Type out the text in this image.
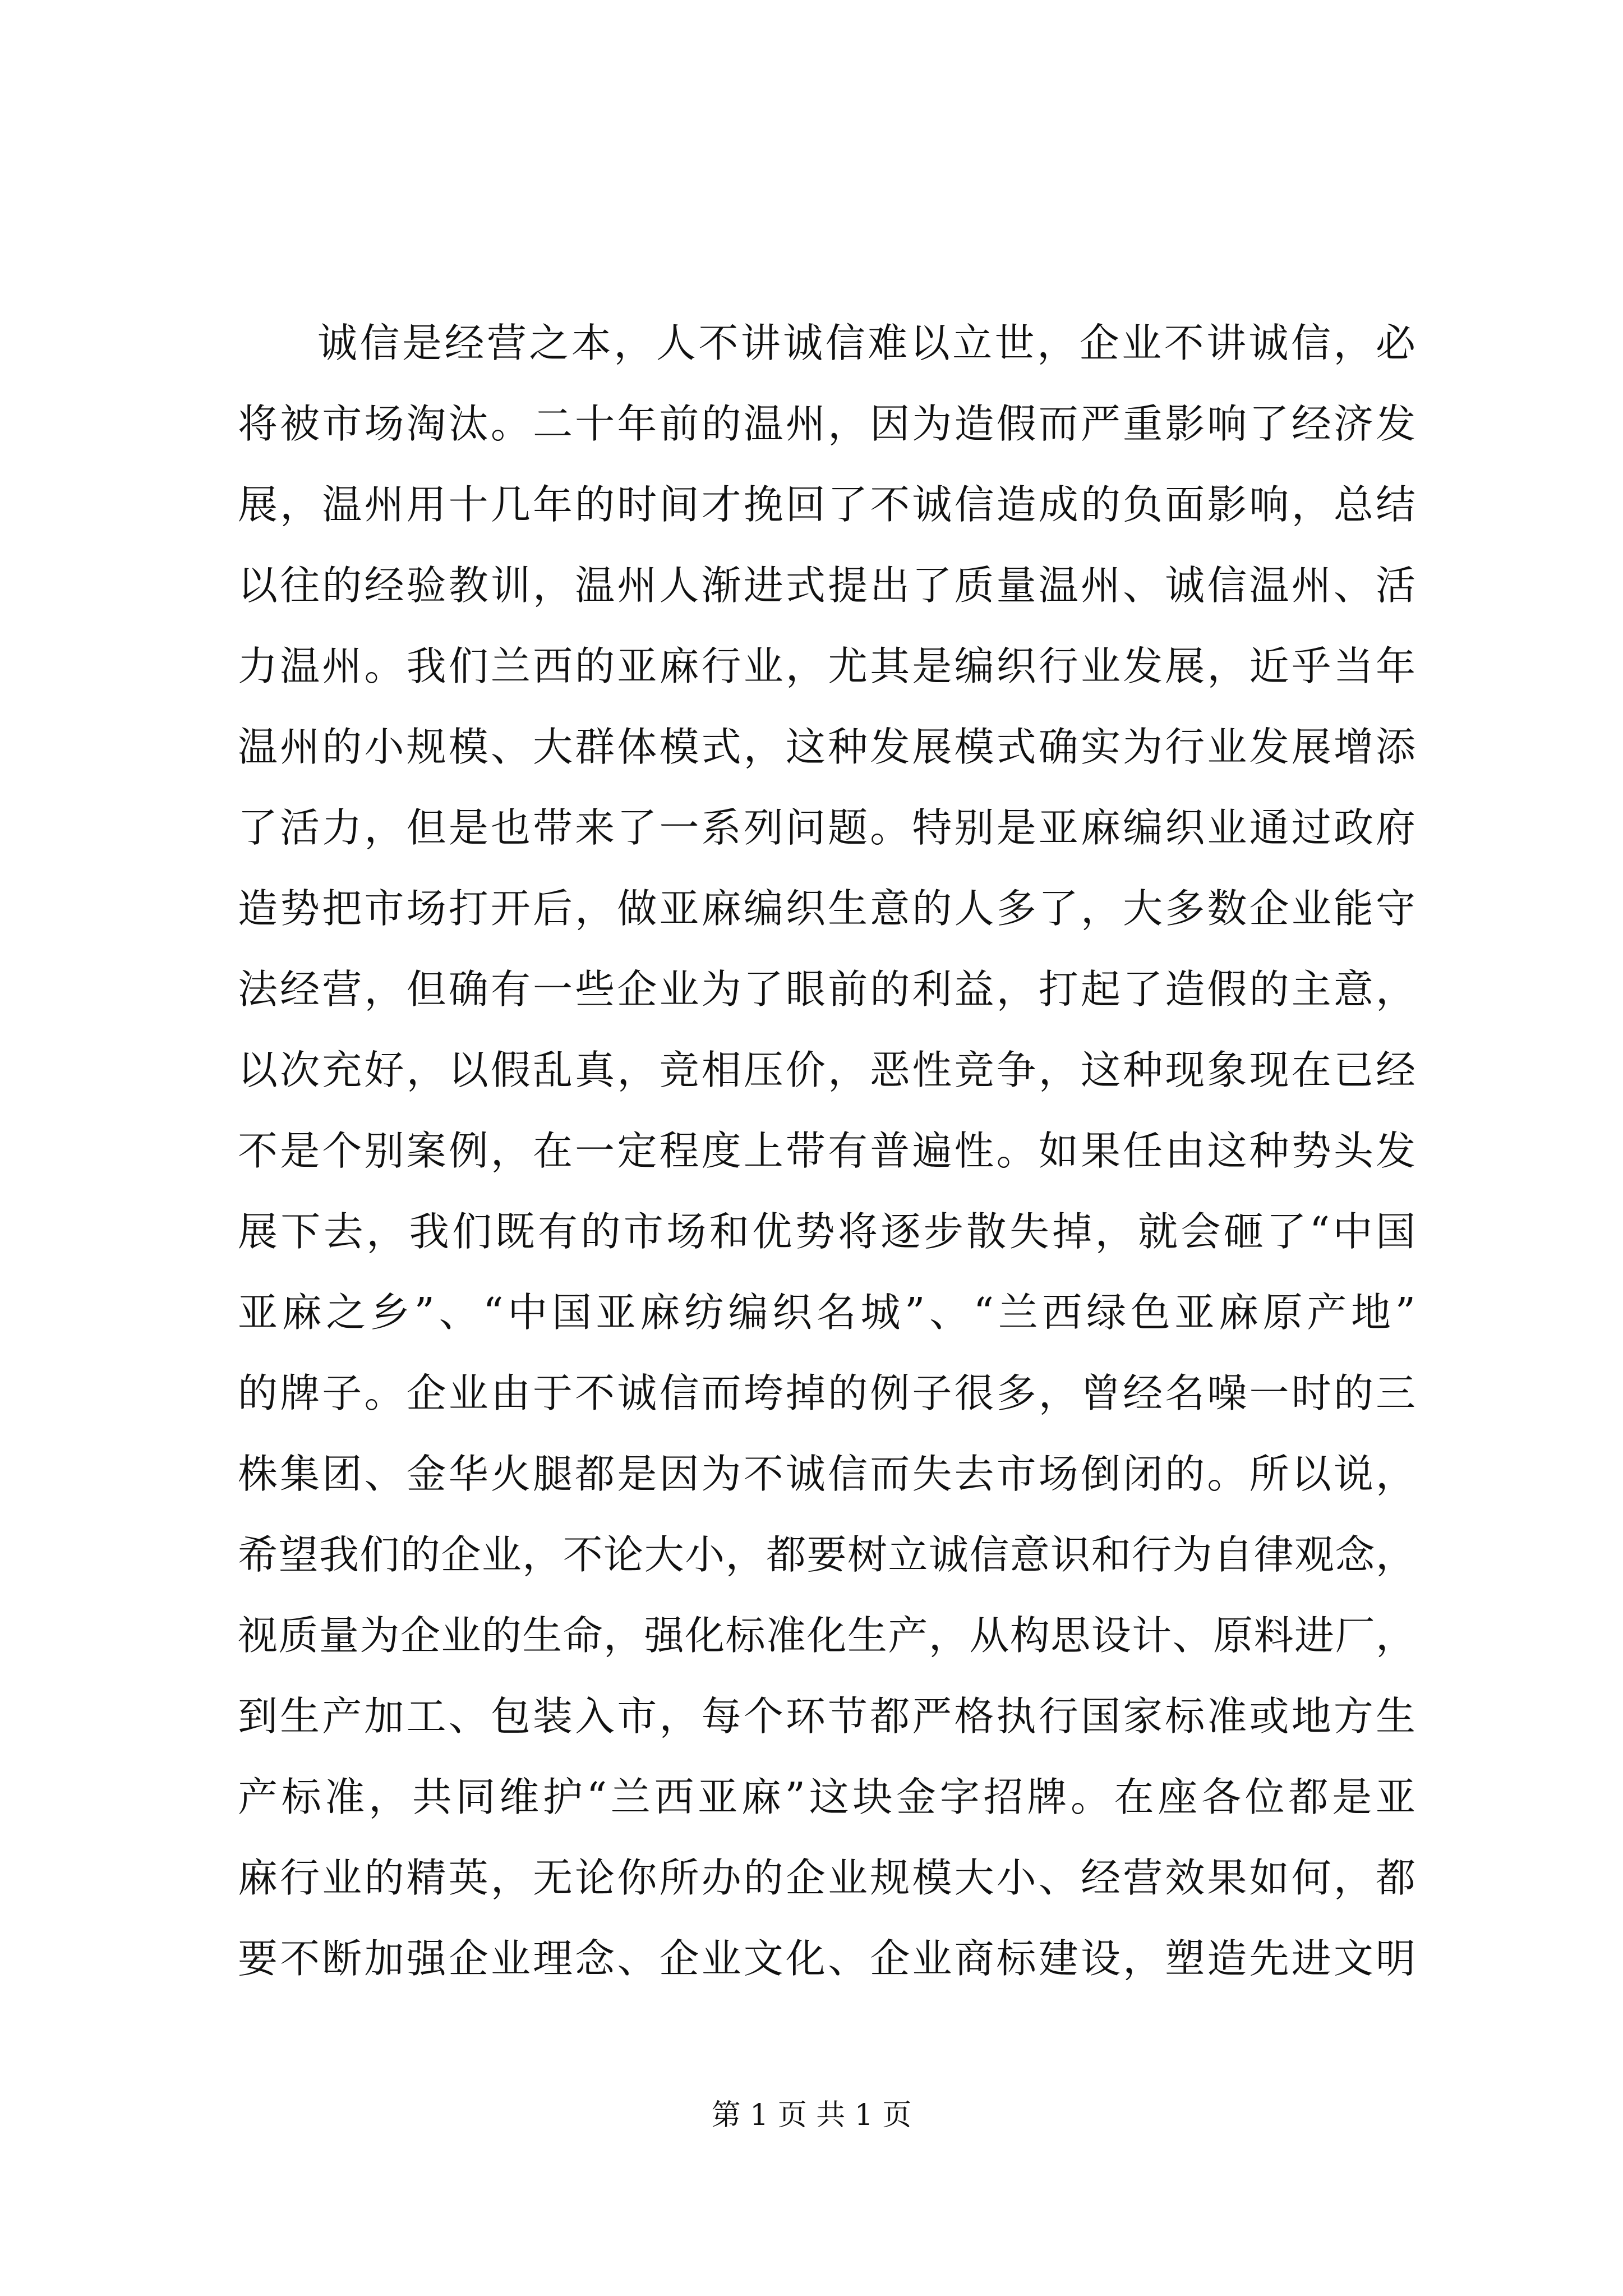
诚信是经营之本，人不讲诚信难以立世，企业不讲诚信，必
将被市场淘汰。二十年前的温州，因为造假而严重影响了经济发
展，温州用十几年的时间才挽回了不诚信造成的负面影响，总结
以往的经验教训，温州人渐进式提出了质量温州、诚信温州、活
力温州。我们兰西的亚麻行业，尤其是编织行业发展，近乎当年
温州的小规模、大群体模式，这种发展模式确实为行业发展增添
了活力，但是也带来了一系列问题。特别是亚麻编织业通过政府
造势把市场打开后，做亚麻编织生意的人多了，大多数企业能守
法经营，但确有一些企业为了眼前的利益，打起了造假的主意，
以次充好，以假乱真，竞相压价，恶性竞争，这种现象现在已经
不是个别案例，在一定程度上带有普遍性。如果任由这种势头发
展下去，我们既有的市场和优势将逐步散失掉，就会砸了“中国
亚麻之乡”、“中国亚麻纺编织名城”、“兰西绿色亚麻原产地”
的牌子。企业由于不诚信而垮掉的例子很多，曾经名噪一时的三
株集团、金华火腿都是因为不诚信而失去市场倒闭的。所以说，
希望我们的企业，不论大小，都要树立诚信意识和行为自律观念，
视质量为企业的生命，强化标准化生产，从构思设计、原料进厂，
到生产加工、包装入市，每个环节都严格执行国家标准或地方生
产标准，共同维护“兰西亚麻”这块金字招牌。在座各位都是亚
麻行业的精英，无论你所办的企业规模大小、经营效果如何，都
要不断加强企业理念、企业文化、企业商标建设，塑造先进文明
第 1 页 共 1 页
